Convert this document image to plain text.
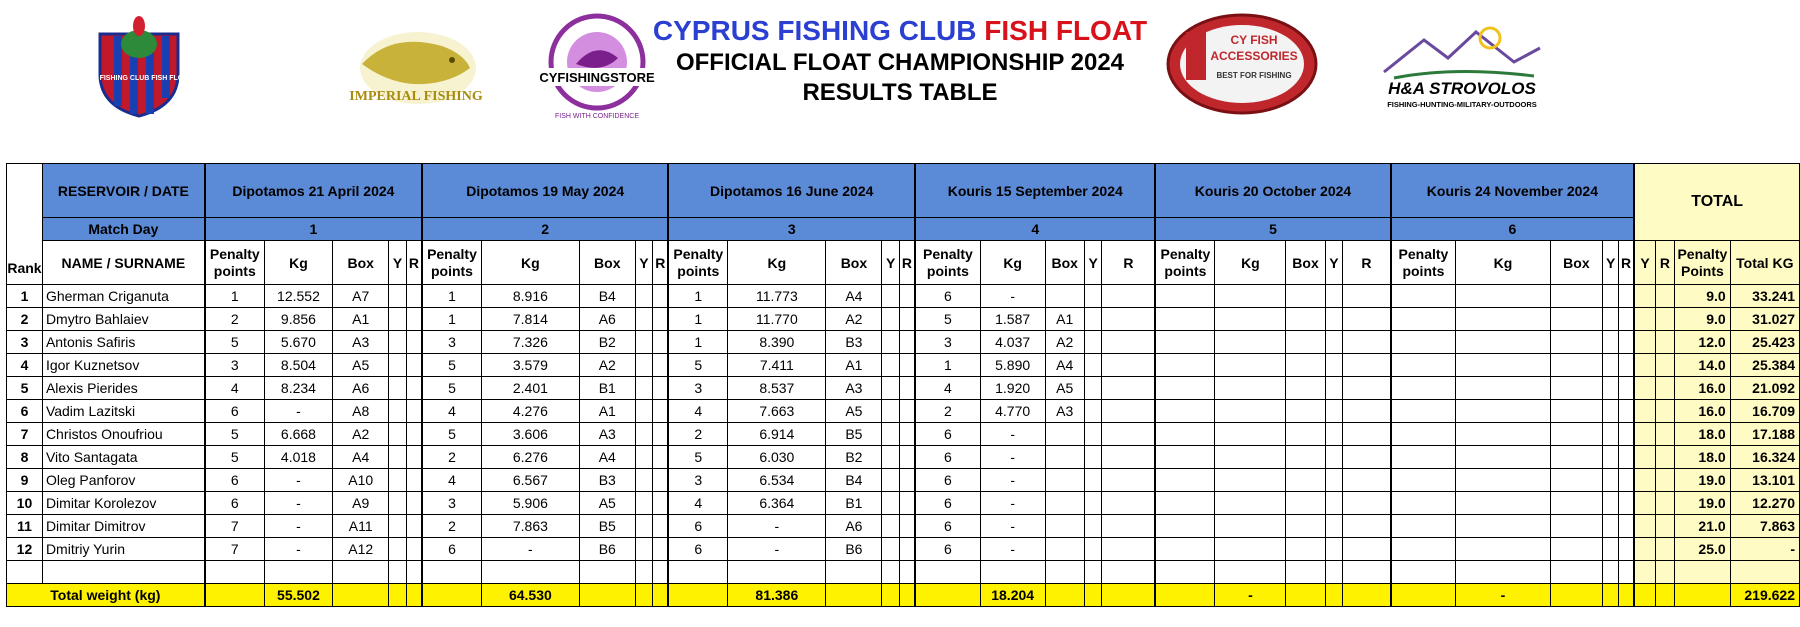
CYPRUS FISHING CLUB FISH FLOAT 2009
IMPERIAL FISHING
CYFISHINGSTORE
FISH WITH CONFIDENCE
CYPRUS FISHING CLUB FISH FLOAT
OFFICIAL FLOAT CHAMPIONSHIP 2024
RESULTS TABLE
CY FISH
ACCESSORIES
BEST FOR FISHING
H&A STROVOLOS
FISHING-HUNTING-MILITARY-OUTDOORS
Rank	RESERVOIR / DATE	Dipotamos 21 April 2024					Dipotamos 19 May 2024					Dipotamos 16 June 2024					Kouris 15 September 2024					Kouris 20 October 2024					Kouris 24 November 2024					TOTAL			
	Match Day	1					2					3					4					5					6								
	NAME / SURNAME	Penalty points	Kg	Box	Y	R	Penalty points	Kg	Box	Y	R	Penalty points	Kg	Box	Y	R	Penalty points	Kg	Box	Y	R	Penalty points	Kg	Box	Y	R	Penalty points	Kg	Box	Y	R	Y	R	Penalty Points	Total KG
1	Gherman Criganuta	1	12.552	A7			1	8.916	B4			1	11.773	A4			6	-																9.0	33.241
2	Dmytro Bahlaiev	2	9.856	A1			1	7.814	A6			1	11.770	A2			5	1.587	A1															9.0	31.027
3	Antonis Safiris	5	5.670	A3			3	7.326	B2			1	8.390	B3			3	4.037	A2															12.0	25.423
4	Igor Kuznetsov	3	8.504	A5			5	3.579	A2			5	7.411	A1			1	5.890	A4															14.0	25.384
5	Alexis Pierides	4	8.234	A6			5	2.401	B1			3	8.537	A3			4	1.920	A5															16.0	21.092
6	Vadim Lazitski	6	-	A8			4	4.276	A1			4	7.663	A5			2	4.770	A3															16.0	16.709
7	Christos Onoufriou	5	6.668	A2			5	3.606	A3			2	6.914	B5			6	-																18.0	17.188
8	Vito Santagata	5	4.018	A4			2	6.276	A4			5	6.030	B2			6	-																18.0	16.324
9	Oleg Panforov	6	-	A10			4	6.567	B3			3	6.534	B4			6	-																19.0	13.101
10	Dimitar Korolezov	6	-	A9			3	5.906	A5			4	6.364	B1			6	-																19.0	12.270
11	Dimitar Dimitrov	7	-	A11			2	7.863	B5			6	-	A6			6	-																21.0	7.863
12	Dmitriy Yurin	7	-	A12			6	-	B6			6	-	B6			6	-																25.0	-

Total weight (kg)			55.502					64.530					81.386					18.204					-					-							219.622
